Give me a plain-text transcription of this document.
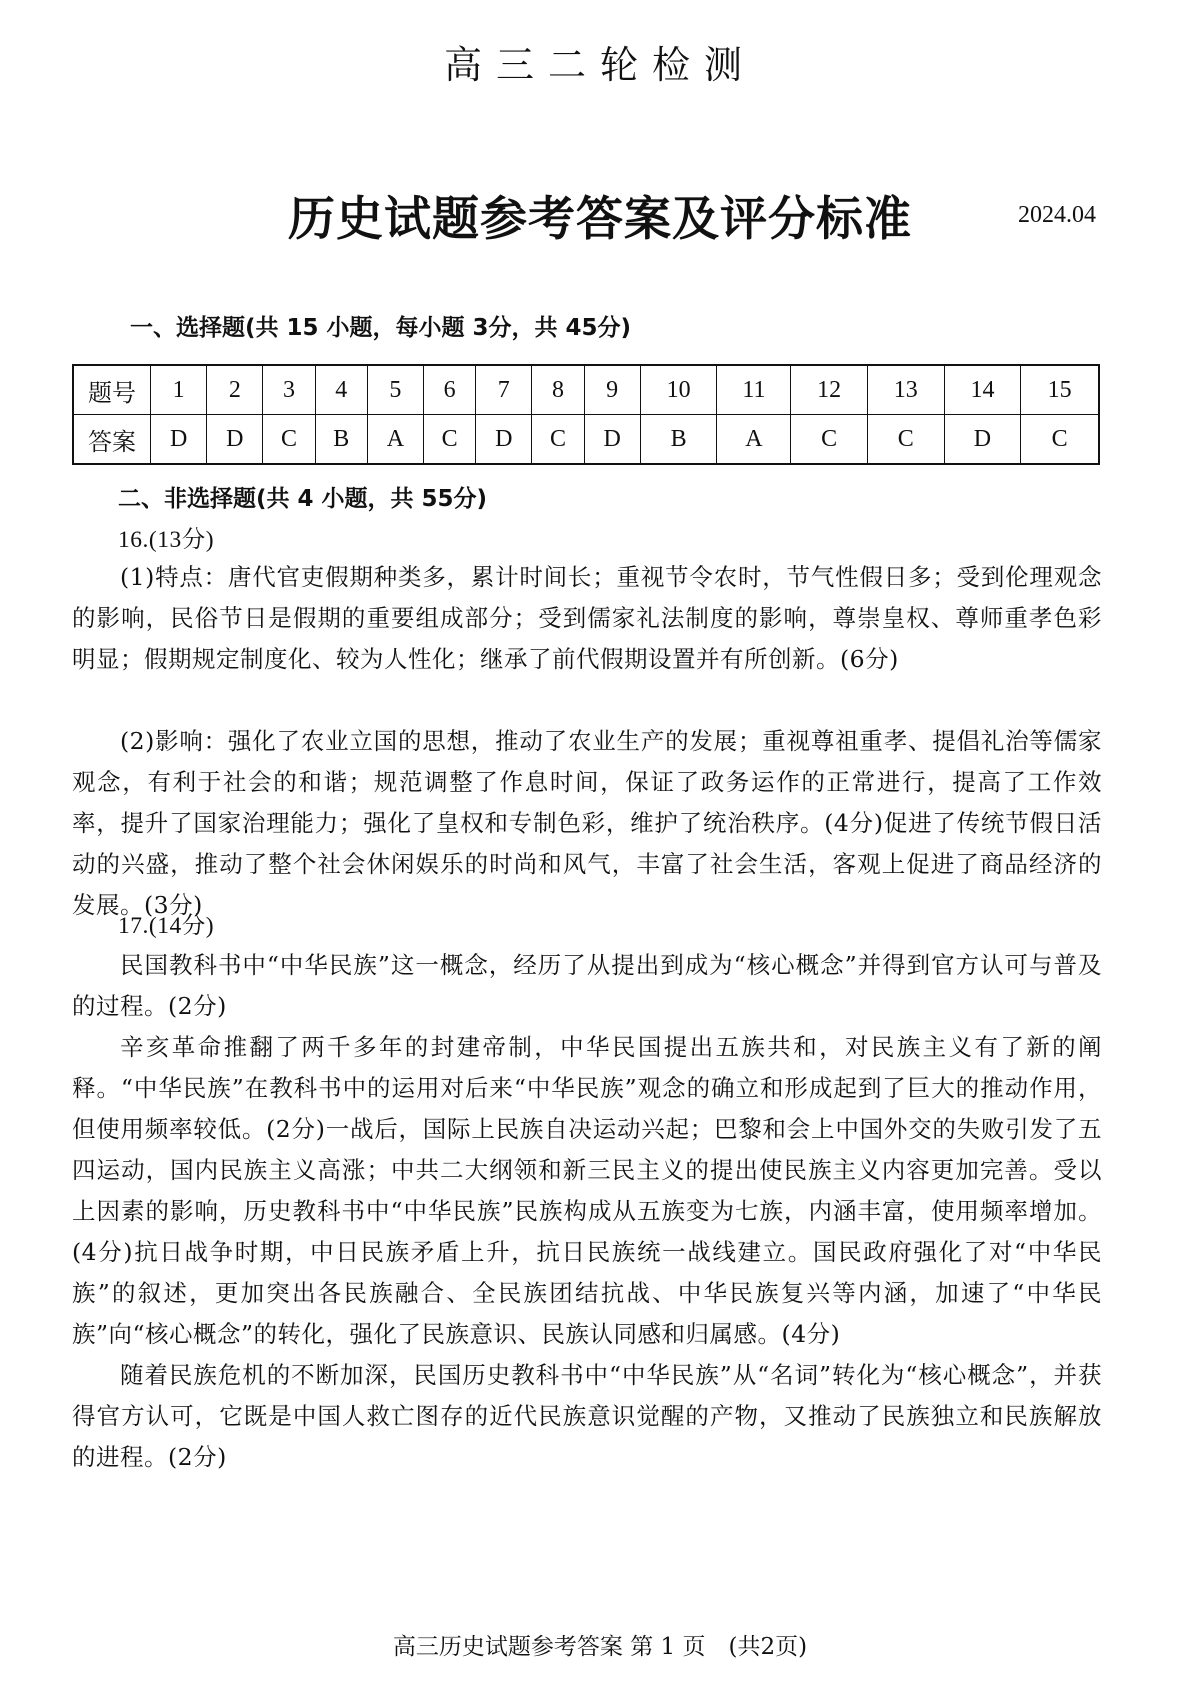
高三二轮检测
历史试题参考答案及评分标准	2024.04
一、选择题(共 15 小题，每小题 3分，共 45分)
题号	1	2	3	4	5	6	7	8	9	10	11	12	13	14	15
答案	D	D	C	B	A	C	D	C	D	B	A	C	C	D	C
二、非选择题(共 4 小题，共 55分)
16.(13分)
(1)特点：唐代官吏假期种类多，累计时间长；重视节令农时，节气性假日多；受到伦理观念的影响，民俗节日是假期的重要组成部分；受到儒家礼法制度的影响，尊崇皇权、尊师重孝色彩明显；假期规定制度化、较为人性化；继承了前代假期设置并有所创新。(6分)
(2)影响：强化了农业立国的思想，推动了农业生产的发展；重视尊祖重孝、提倡礼治等儒家观念，有利于社会的和谐；规范调整了作息时间，保证了政务运作的正常进行，提高了工作效率，提升了国家治理能力；强化了皇权和专制色彩，维护了统治秩序。(4分)促进了传统节假日活动的兴盛，推动了整个社会休闲娱乐的时尚和风气，丰富了社会生活，客观上促进了商品经济的发展。(3分)
17.(14分)
民国教科书中“中华民族”这一概念，经历了从提出到成为“核心概念”并得到官方认可与普及的过程。(2分)
辛亥革命推翻了两千多年的封建帝制，中华民国提出五族共和，对民族主义有了新的阐释。“中华民族”在教科书中的运用对后来“中华民族”观念的确立和形成起到了巨大的推动作用，但使用频率较低。(2分)一战后，国际上民族自决运动兴起；巴黎和会上中国外交的失败引发了五四运动，国内民族主义高涨；中共二大纲领和新三民主义的提出使民族主义内容更加完善。受以上因素的影响，历史教科书中“中华民族”民族构成从五族变为七族，内涵丰富，使用频率增加。(4分)抗日战争时期，中日民族矛盾上升，抗日民族统一战线建立。国民政府强化了对“中华民族”的叙述，更加突出各民族融合、全民族团结抗战、中华民族复兴等内涵，加速了“中华民族”向“核心概念”的转化，强化了民族意识、民族认同感和归属感。(4分)
随着民族危机的不断加深，民国历史教科书中“中华民族”从“名词”转化为“核心概念”，并获得官方认可，它既是中国人救亡图存的近代民族意识觉醒的产物，又推动了民族独立和民族解放的进程。(2分)
高三历史试题参考答案 第 1 页　(共2页)
